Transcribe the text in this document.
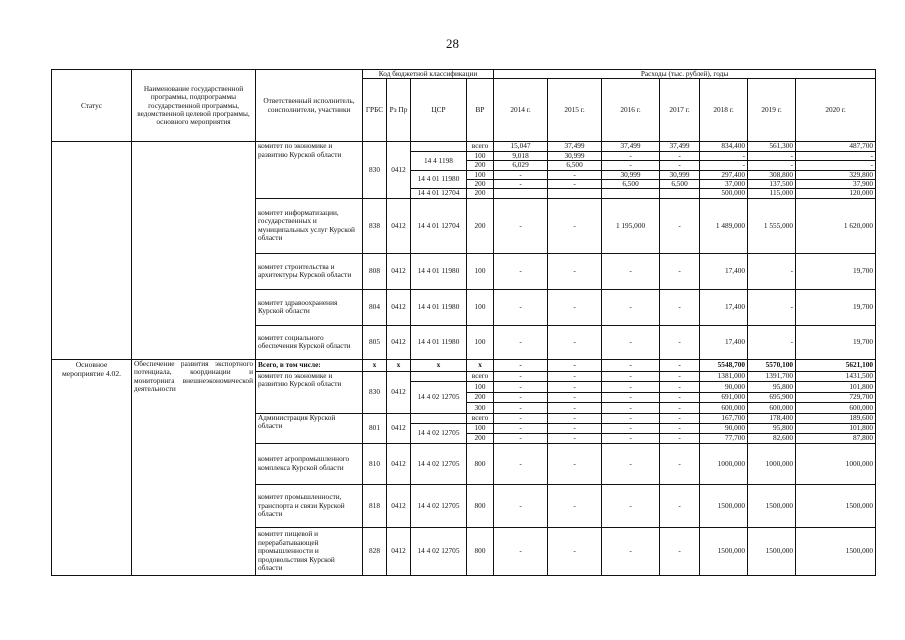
28
Статус	Наименование государственной программы, подпрограммы государственной программы, ведомственной целевой программы, основного мероприятия	Ответственный исполнитель, соисполнители, участники	Код бюджетной классификации				Расходы (тыс. рублей), годы						
			ГРБС	Рз Пр	ЦСР	ВР	2014 г.	2015 г.	2016 г.	2017 г.	2018 г.	2019 г.	2020 г.
		комитет по экономике и развитию Курской области	830	0412		всего	15,047	37,499	37,499	37,499	834,400	561,300	487,700
					14 4 1198	100	9,018	30,999	-	-	-	-	-
						200	6,029	6,500	-	-	-	-	-
					14 4 01 11980	100	-	-	30,999	30,999	297,400	308,800	329,800
						200	-	-	6,500	6,500	37,000	137,500	37,900
					14 4 01 12704	200					500,000	115,000	120,000
		комитет информатизации, государственных и муниципальных услуг Курской области	838	0412	14 4 01 12704	200	-	-	1 195,000	-	1 489,000	1 555,000	1 620,000
		комитет строительства и архитектуры Курской области	808	0412	14 4 01 11980	100	-	-	-	-	17,400	-	19,700
		комитет здравоохранения Курской области	804	0412	14 4 01 11980	100	-	-	-	-	17,400	-	19,700
		комитет социального обеспечения Курской области	805	0412	14 4 01 11980	100	-	-	-	-	17,400	-	19,700
Основное мероприятие 4.02.	Обеспечение развития экспортного потенциала, координации и мониторинга внешнеэкономической деятельности	Всего, в том числе:	х	х	х	х	-	-	-	-	5548,700	5570,100	5621,100
		комитет по экономике и развитию Курской области	830	0412		всего	-	-	-	-	1381,000	1391,700	1431,500
					14 4 02 12705	100	-	-	-	-	90,000	95,800	101,800
						200	-	-	-	-	691,000	695,900	729,700
						300	-	-	-	-	600,000	600,000	600,000
		Администрация Курской области	801	0412		всего	-	-	-	-	167,700	178,400	189,600
					14 4 02 12705	100	-	-	-	-	90,000	95,800	101,800
						200	-	-	-	-	77,700	82,600	87,800
		комитет агропромышленного комплекса Курской области	810	0412	14 4 02 12705	800	-	-	-	-	1000,000	1000,000	1000,000
		комитет промышленности, транспорта и связи Курской области	818	0412	14 4 02 12705	800	-	-	-	-	1500,000	1500,000	1500,000
		комитет пищевой и перерабатывающей промышленности и продовольствия Курской области	828	0412	14 4 02 12705	800	-	-	-	-	1500,000	1500,000	1500,000
